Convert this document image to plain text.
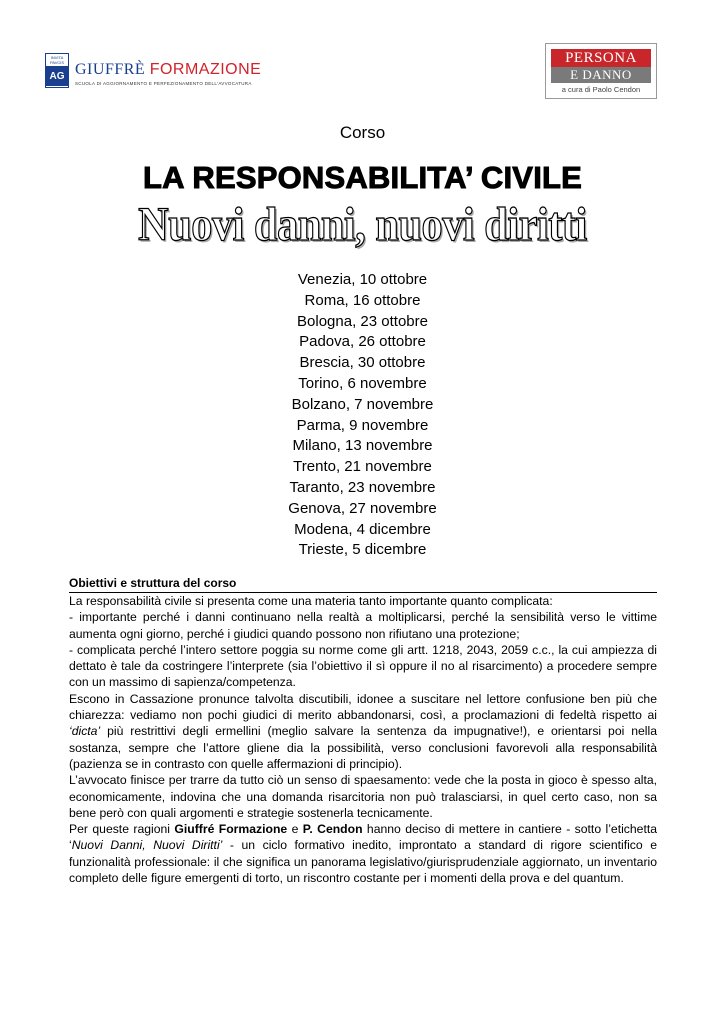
INVITA PAVCIS
AG GIUFFRÈ FORMAZIONE
SCUOLA DI AGGIORNAMENTO E PERFEZIONAMENTO DELL'AVVOCATURA
PERSONA
E DANNO
a cura di Paolo Cendon
Corso
LA RESPONSABILITA’ CIVILE
Nuovi danni, nuovi diritti
Venezia, 10 ottobre
Roma, 16 ottobre
Bologna, 23 ottobre
Padova, 26 ottobre
Brescia, 30 ottobre
Torino, 6 novembre
Bolzano, 7 novembre
Parma, 9 novembre
Milano, 13 novembre
Trento, 21 novembre
Taranto, 23 novembre
Genova, 27 novembre
Modena, 4 dicembre
Trieste, 5 dicembre
Obiettivi e struttura del corso

La responsabilità civile si presenta come una materia tanto importante quanto complicata:

- importante perché i danni continuano nella realtà a moltiplicarsi, perché la sensibilità verso le vittime aumenta ogni giorno, perché i giudici quando possono non rifiutano una protezione;

- complicata perché l’intero settore poggia su norme come gli artt. 1218, 2043, 2059 c.c., la cui ampiezza di dettato è tale da costringere l’interprete (sia l’obiettivo il sì oppure il no al risarcimento) a procedere sempre con un massimo di sapienza/competenza.

Escono in Cassazione pronunce talvolta discutibili, idonee a suscitare nel lettore confusione ben più che chiarezza: vediamo non pochi giudici di merito abbandonarsi, così, a proclamazioni di fedeltà rispetto ai ‘dicta’ più restrittivi degli ermellini (meglio salvare la sentenza da impugnative!), e orientarsi poi nella sostanza, sempre che l’attore gliene dia la possibilità, verso conclusioni favorevoli alla responsabilità (pazienza se in contrasto con quelle affermazioni di principio).

L’avvocato finisce per trarre da tutto ciò un senso di spaesamento: vede che la posta in gioco è spesso alta, economicamente, indovina che una domanda risarcitoria non può tralasciarsi, in quel certo caso, non sa bene però con quali argomenti e strategie sostenerla tecnicamente.

Per queste ragioni Giuffré Formazione e P. Cendon hanno deciso di mettere in cantiere - sotto l’etichetta ‘Nuovi Danni, Nuovi Diritti’ - un ciclo formativo inedito, improntato a standard di rigore scientifico e funzionalità professionale: il che significa un panorama legislativo/giurisprudenziale aggiornato, un inventario completo delle figure emergenti di torto, un riscontro costante per i momenti della prova e del quantum.
